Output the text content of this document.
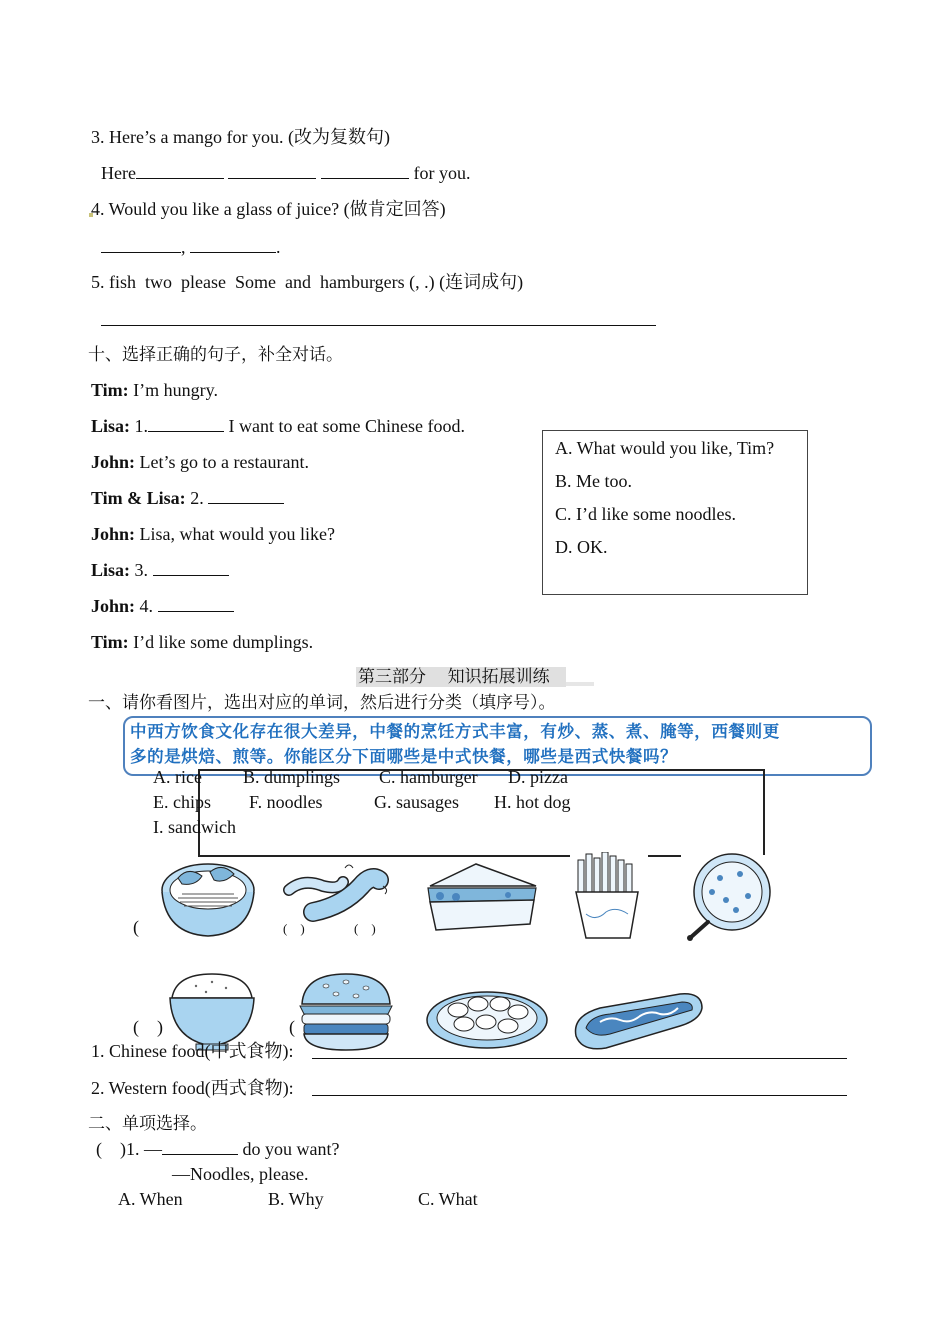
3. Here’s a mango for you. (改为复数句)
Here	for you.
4. Would you like a glass of juice? (做肯定回答)
,	.
5. fish  two  please  Some  and  hamburgers (, .) (连词成句)
十、选择正确的句子，补全对话。
Tim: I’m hungry.
Lisa: 1.	I want to eat some Chinese food.
John: Let’s go to a restaurant.
Tim & Lisa: 2.
John: Lisa, what would you like?
Lisa: 3.
John: 4.
Tim: I’d like some dumplings.
A. What would you like, Tim?
B. Me too.
C. I’d like some noodles.
D. OK.
第三部分    知识拓展训练
一、请你看图片，选出对应的单词，然后进行分类（填序号）。
中西方饮食文化存在很大差异，中餐的烹饪方式丰富，有炒、蒸、煮、腌等，西餐则更
多的是烘焙、煎等。你能区分下面哪些是中式快餐，哪些是西式快餐吗？
A. rice B. dumplings C. hamburger D. pizza
E. chips F. noodles	G. sausages H. hot dog
I. sandwich
(	(    )	(    )
(    )	(
1. Chinese food(中式食物):
2. Western food(西式食物):
二、单项选择。
(    )1. —	do you want?
—Noodles, please.
A. When	B. Why	C. What
